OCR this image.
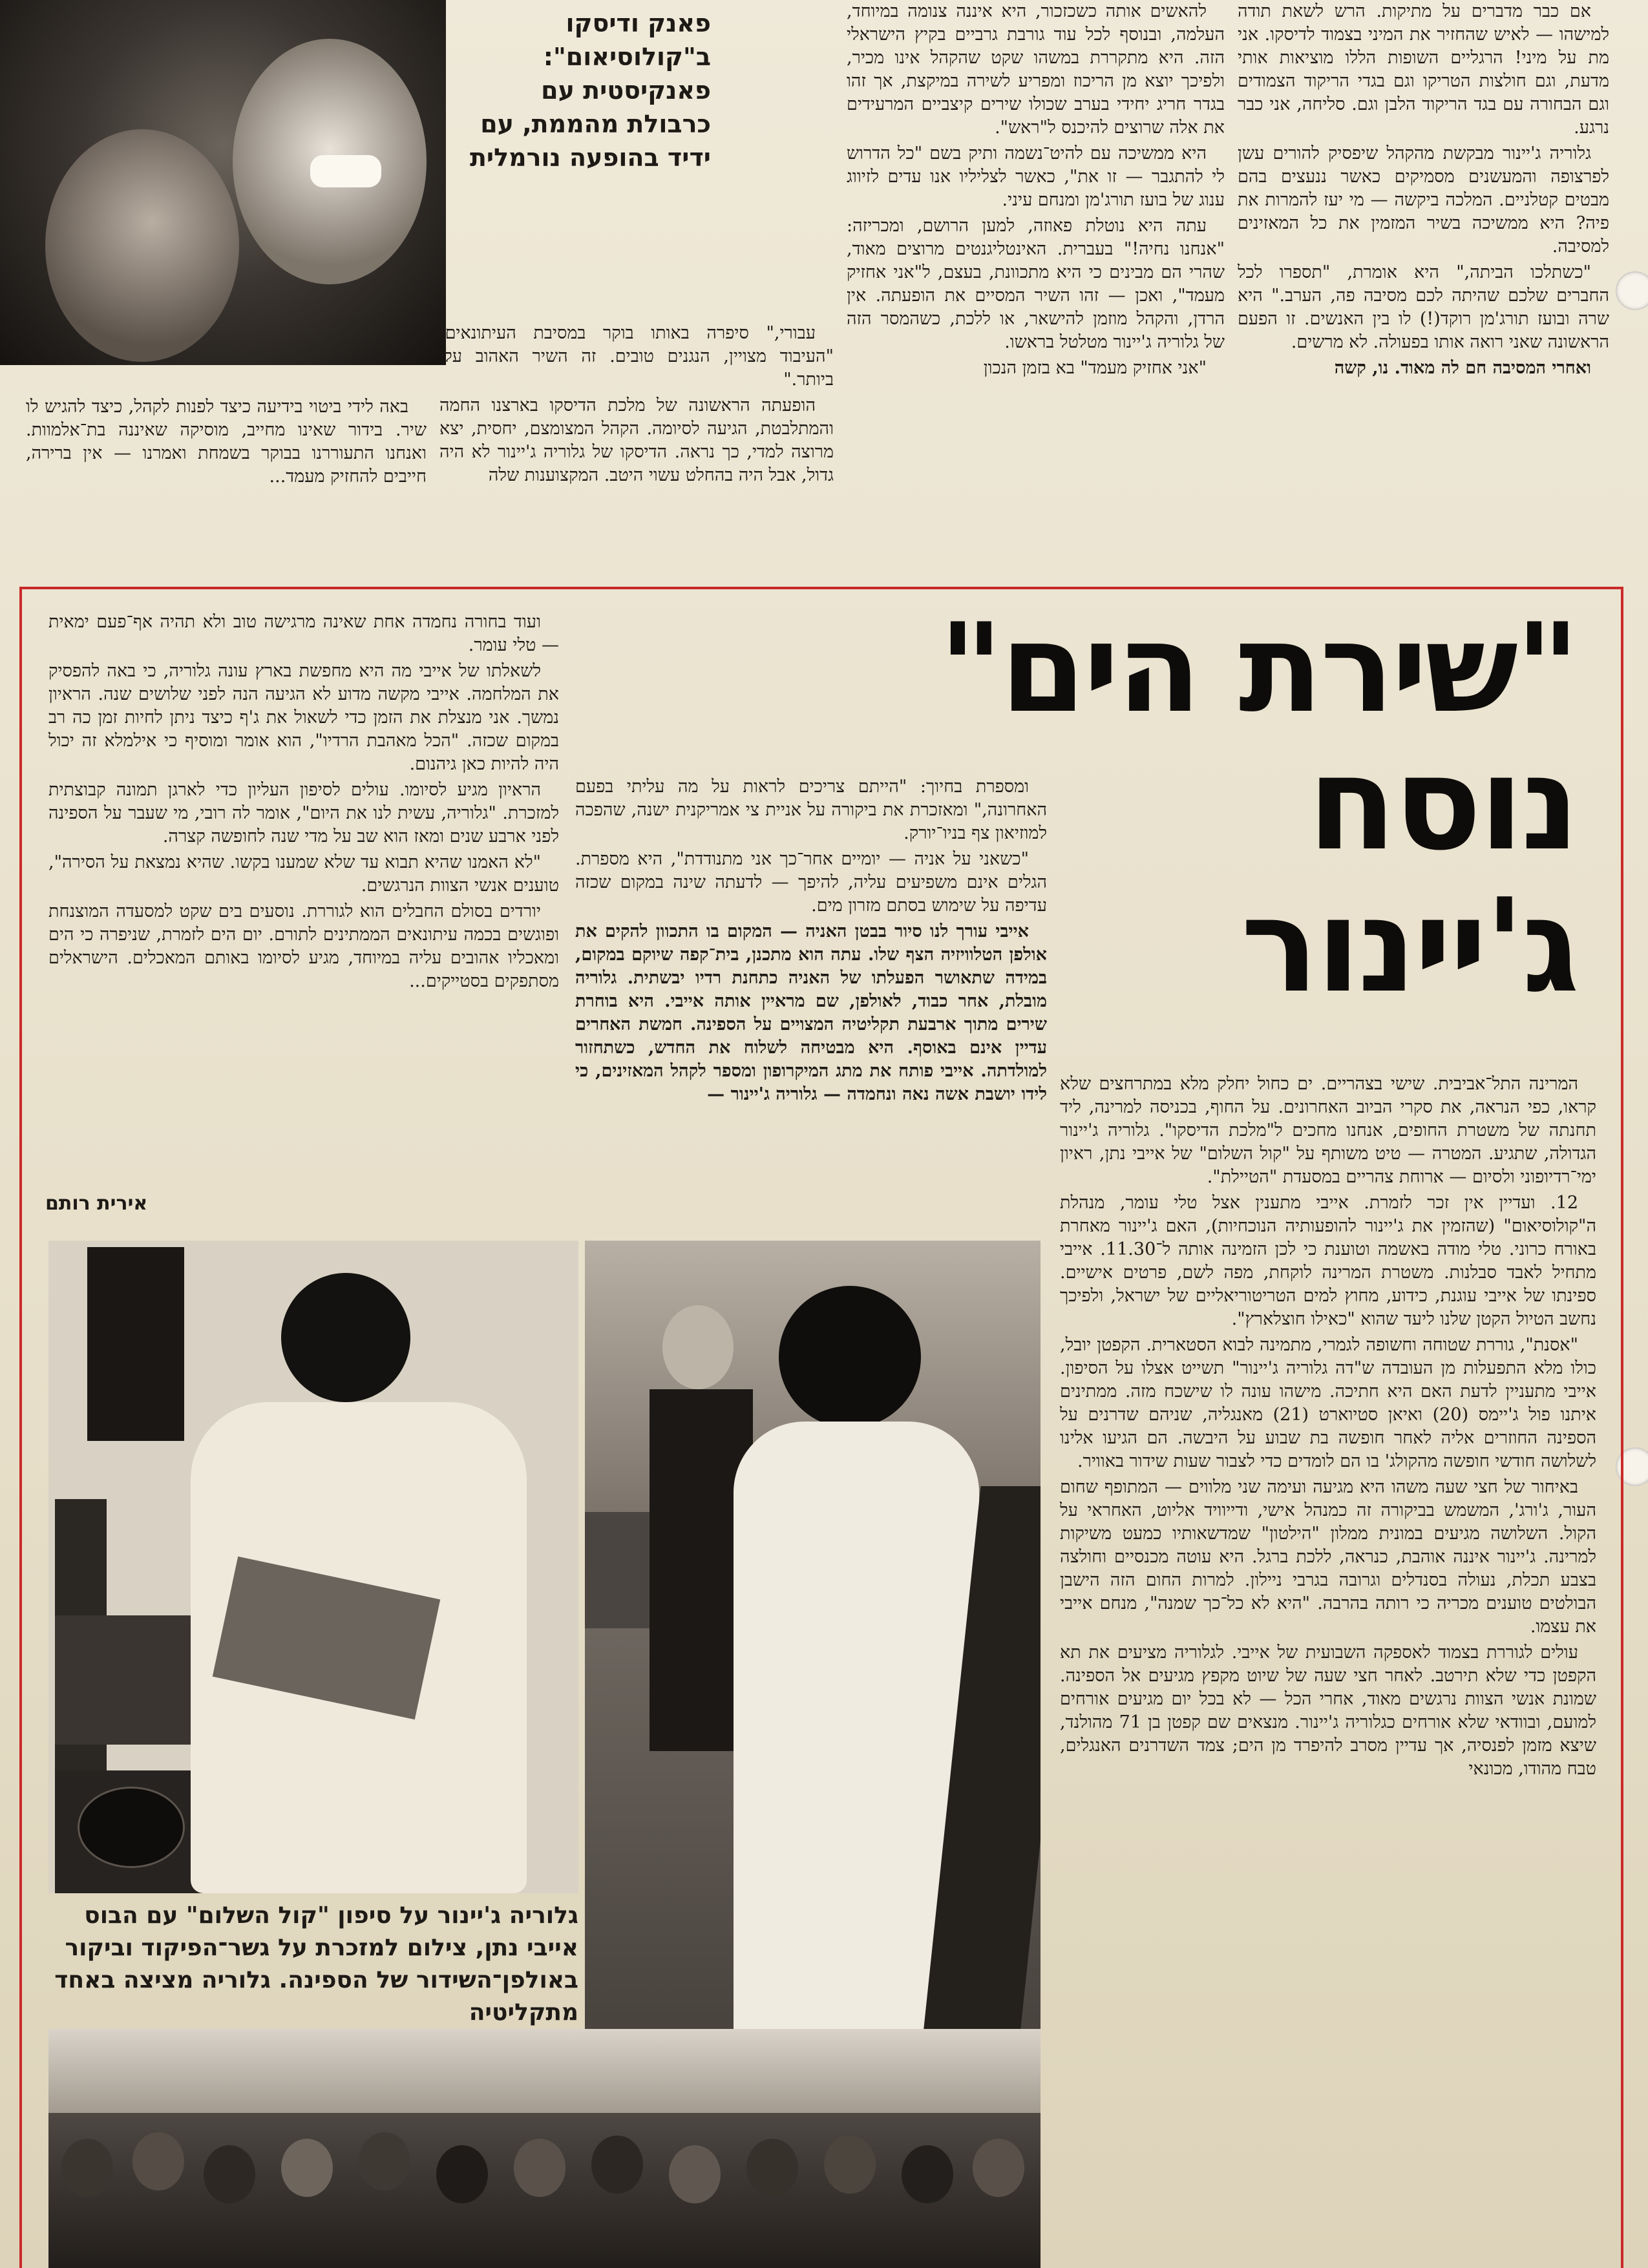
פאנק ודיסקו ב"קולוסיאום": פאנקיסטית עם כרבולת מהממת, עם ידיד בהופעה נורמלית

אם כבר מדברים על מתיקות. הרש לשאת תודה למישהו — לאיש שהחזיר את המיני בצמוד לדיסקו. אני מת על מיני! הרגליים השופות הללו מוציאות אותי מדעת, וגם חולצות הטריקו וגם בגדי הריקוד הצמודים וגם הבחורה עם בגד הריקוד הלבן וגם. סליחה, אני כבר נרגע.

גלוריה ג'יינור מבקשת מהקהל שיפסיק להורים עשן לפרצופה והמעשנים מסמיקים כאשר ננעצים בהם מבטים קטלניים. המלכה ביקשה — מי יעז להמרות את פיה? היא ממשיכה בשיר המזמין את כל המאזינים למסיבה.

"כשתלכו הביתה," היא אומרת, "תספרו לכל החברים שלכם שהיתה לכם מסיבה פה, הערב." היא שרה ובועז תורג'מן רוקד(!) לו בין האנשים. זו הפעם הראשונה שאני רואה אותו בפעולה. לא מרשים.

ואחרי המסיבה חם לה מאוד. נו, קשה

להאשים אותה כשכזכור, היא איננה צנומה במיוחד, העלמה, ובנוסף לכל עוד גורבת גרביים בקיץ הישראלי הזה. היא מתקררת במשהו שקט שהקהל אינו מכיר, ולפיכך יוצא מן הריכוז ומפריע לשירה במיקצת, אך זהו בגדר חריג יחידי בערב שכולו שירים קיצביים המרעידים את אלה שרוצים להיכנס ל"ראש".

היא ממשיכה עם להיט־נשמה ותיק בשם "כל הדרוש לי להתגבר — זו את", כאשר לצליליו אנו עדים לזיווג ענוג של בועז תורג'מן ומנחם עיני.

עתה היא נוטלת פאוזה, למען הרושם, ומכריזה: "אנחנו נחיה!" בעברית. האינטליגנטים מרוצים מאוד, שהרי הם מבינים כי היא מתכוונת, בעצם, ל"אני אחזיק מעמד", ואכן — זהו השיר המסיים את הופעתה. אין הרדן, והקהל מוזמן להישאר, או ללכת, כשהמסר הזה של גלוריה ג'יינור מטלטל בראשו.

"אני אחזיק מעמד" בא בזמן הנכון

עבורי," סיפרה באותו בוקר במסיבת העיתונאים. "העיבוד מצויין, הנגנים טובים. זה השיר האהוב עלי ביותר."

הופעתה הראשונה של מלכת הדיסקו בארצנו החמה והמתלבטת, הגיעה לסיומה. הקהל המצומצם, יחסית, יצא מרוצה למדי, כך נראה. הדיסקו של גלוריה ג'יינור לא היה גדול, אבל היה בהחלט עשוי היטב. המקצוענות שלה

באה לידי ביטוי בידיעה כיצד לפנות לקהל, כיצד להגיש לו שיר. בידור שאינו מחייב, מוסיקה שאיננה בת־אלמוות. ואנחנו התעוררנו בבוקר בשמחת ואמרנו — אין ברירה, חייבים להחזיק מעמד...

"שירת הים"
נוסח
ג'יינור

המרינה התל־אביבית. שישי בצהריים. ים כחול יחלק מלא במתרחצים שלא קראו, כפי הנראה, את סקרי הביוב האחרונים. על החוף, בכניסה למרינה, ליד תחנתה של משטרת החופים, אנחנו מחכים ל"מלכת הדיסקו". גלוריה ג'יינור הגדולה, שתגיע. המטרה — טיט משותף על "קול השלום" של אייבי נתן, ראיון ימי־רדיופוני ולסיום — ארוחת צהריים במסעדת "הטיילת".

12. ועדיין אין זכר לזמרת. אייבי מתענין אצל טלי עומר, מנהלת ה"קולוסיאום" (שהזמין את ג'יינור להופעותיה הנוכחיות), האם ג'יינור מאחרת באורח כרוני. טלי מודה באשמה וטוענת כי לכן הזמינה אותה ל־11.30. אייבי מתחיל לאבד סבלנות. משטרת המרינה לוקחת, מפה לשם, פרטים אישיים. ספינתו של אייבי עוגנת, כידוע, מחוץ למים הטריטוריאליים של ישראל, ולפיכך נחשב הטיול הקטן שלנו ליעד שהוא "כאילו חוצלארץ".

"אסנת", גוררת שטוחה וחשופה לגמרי, מתמינה לבוא הסטארית. הקפטן יובל, כולו מלא התפעלות מן העובדה ש"דה גלוריה ג'יינור" תשייט אצלו על הסיפון. אייבי מתעניין לדעת האם היא חתיכה. מישהו עונה לו שישכח מזה. ממתינים איתנו פול ג'יימס (20) ואיאן סטיוארט (21) מאנגליה, שניהם שדרנים על הספינה החוזרים אליה לאחר חופשה בת שבוע על היבשה. הם הגיעו אלינו לשלושה חודשי חופשה מהקולג' בו הם לומדים כדי לצבור שעות שידור באוויר.

באיחור של חצי שעה משהו היא מגיעה ועימה שני מלווים — המתופף שחום העור, ג'ורג', המשמש בביקורה זה כמנהל אישי, ודייוויד אליוט, האחראי על הקול. השלושה מגיעים במונית ממלון "הילטון" שמדשאותיו כמעט משיקות למרינה. ג'יינור איננה אוהבת, כנראה, ללכת ברגל. היא עוטה מכנסיים וחולצה בצבע תכלת, נעולה בסנדלים וגרובה בגרבי ניילון. למרות החום הזה הישבן הבולטים טוענים מכריה כי רותה בהרבה. "היא לא כל־כך שמנה", מנחם אייבי את עצמו.

עולים לגוררת בצמוד לאספקה השבועית של אייבי. לגלוריה מציעים את תא הקפטן כדי שלא תירטב. לאחר חצי שעה של שיוט מקפץ מגיעים אל הספינה. שמונת אנשי הצוות נרגשים מאוד, אחרי הכל — לא בכל יום מגיעים אורחים למועם, ובוודאי שלא אורחים כגלוריה ג'יינור. מנצאים שם קפטן בן 71 מהולנד, שיצא מזמן לפנסיה, אך עדיין מסרב להיפרד מן הים; צמד השדרנים האנגלים, טבח מהודו, מכונאי

ומספרת בחיוך: "הייתם צריכים לראות על מה עליתי בפעם האחרונה," ומאזכרת את ביקורה על אניית צי אמריקנית ישנה, שהפכה למוזיאון צף בניו־יורק.

"כשאני על אניה — יומיים אחר־כך אני מתנודדת", היא מספרת. הגלים אינם משפיעים עליה, להיפך — לדעתה שינה במקום שכזה עדיפה על שימוש בסתם מזרון מים.

אייבי עורך לנו סיור בבטן האניה — המקום בו התכוון להקים את אולפן הטלוויזיה הצף שלו. עתה הוא מתכנן, בית־קפה שיוקם במקום, במידה שתאושר הפעלתו של האניה כתחנת רדיו יבשתית. גלוריה מובלת, אחר כבוד, לאולפן, שם מראיין אותה אייבי. היא בוחרת שירים מתוך ארבעת תקליטיה המצויים על הספינה. חמשת האחרים עדיין אינם באוסף. היא מבטיחה לשלוח את החדש, כשתחזור למולדתה. אייבי פותח את מתג המיקרופון ומספר לקהל המאזינים, כי לידו יושבת אשה נאה ונחמדה — גלוריה ג'יינור —

ועוד בחורה נחמדה אחת שאינה מרגישה טוב ולא תהיה אף־פעם ימאית — טלי עומר.

לשאלתו של אייבי מה היא מחפשת בארץ עונה גלוריה, כי באה להפסיק את המלחמה. אייבי מקשה מדוע לא הגיעה הנה לפני שלושים שנה. הראיון נמשך. אני מנצלת את הזמן כדי לשאול את ג'ף כיצד ניתן לחיות זמן כה רב במקום שכזה. "הכל מאהבת הרדיו", הוא אומר ומוסיף כי אילמלא זה יכול היה להיות כאן גיהנום.

הראיון מגיע לסיומו. עולים לסיפון העליון כדי לארגן תמונה קבוצתית למזכרת. "גלוריה, עשית לנו את היום", אומר לה רובי, מי שעבר על הספינה לפני ארבע שנים ומאז הוא שב על מדי שנה לחופשה קצרה.

"לא האמנו שהיא תבוא עד שלא שמענו בקשו. שהיא נמצאת על הסירה", טוענים אנשי הצוות הנרגשים.

יורדים בסולם החבלים הוא לגוררת. נוסעים בים שקט למסעדה המוצנחת ופוגשים בכמה עיתונאים הממתינים לתורם. יום הים לזמרת, שניפרה כי הים ומאכליו אהובים עליה במיוחד, מגיע לסיומו באותם המאכלים. הישראלים מסתפקים בסטייקים...

אירית רותם
גלוריה ג'יינור על סיפון "קול השלום" עם הבוס אייבי נתן, צילום למזכרת על גשר־הפיקוד וביקור באולפן־השידור של הספינה. גלוריה מציצה באחד מתקליטיה
